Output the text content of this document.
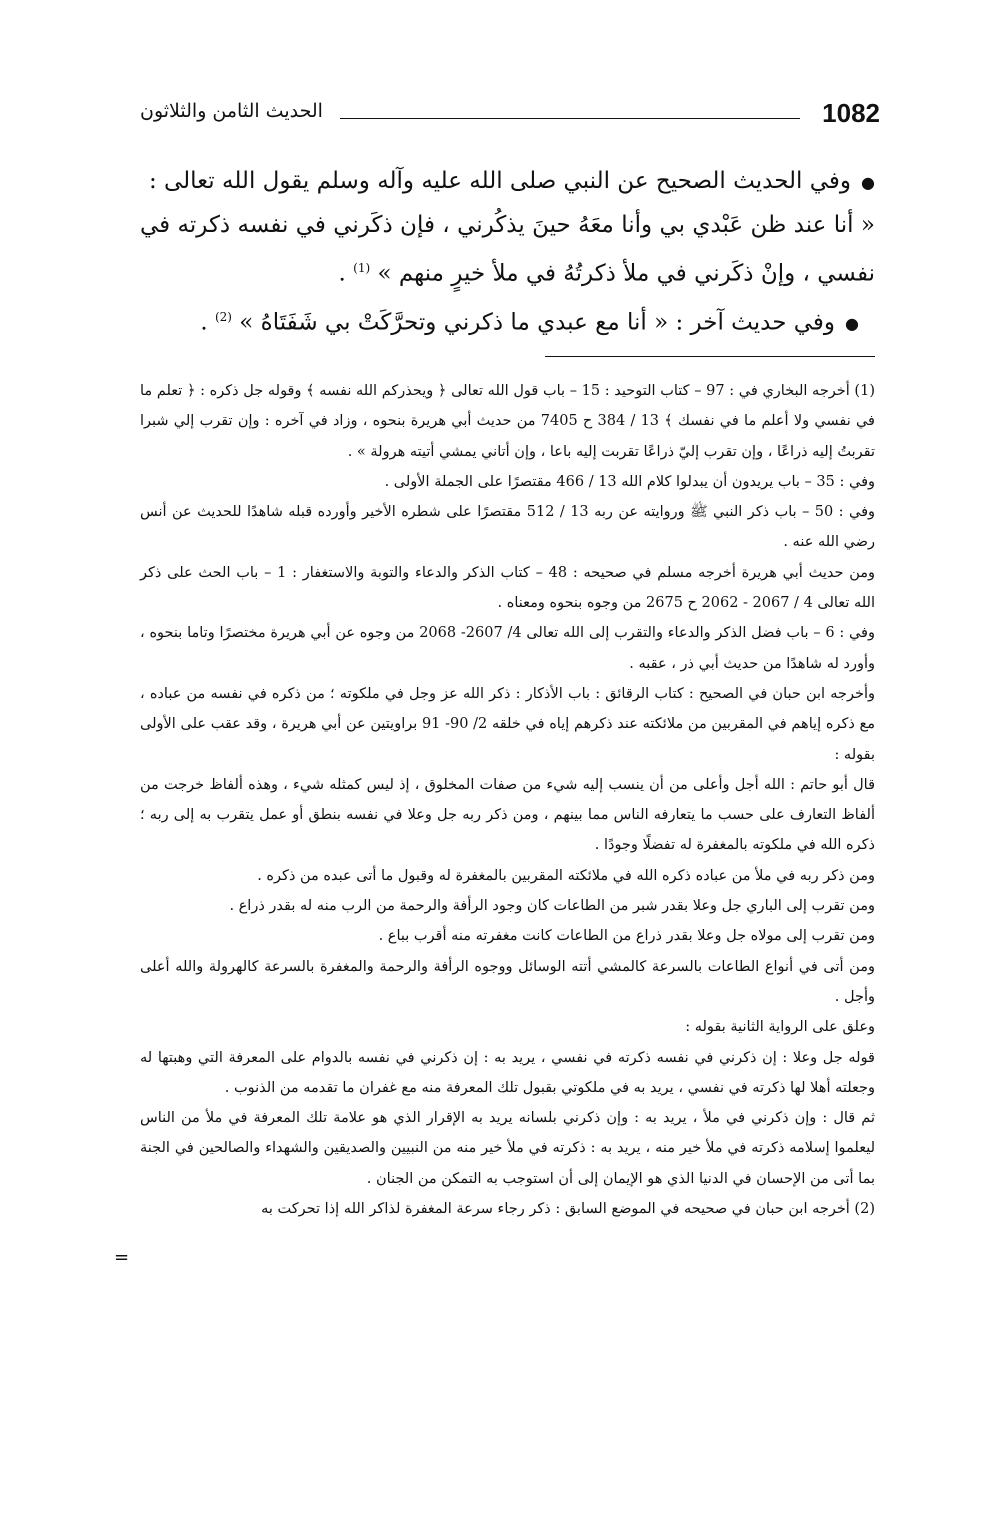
1082
الحديث الثامن والثلاثون

●وفي الحديث الصحيح عن النبي صلى الله عليه وآله وسلم يقول الله تعالى :

« أنا عند ظن عَبْدي بي وأنا معَهُ حينَ يذكُرني ، فإن ذكَرني في نفسه ذكرته في نفسي ، وإنْ ذكَرني في ملأ ذكرتُهُ في ملأ خيرٍ منهم » $^{(1)}$ .

●وفي حديث آخر : « أنا مع عبدي ما ذكرني وتحرَّكَتْ بي شَفَتَاهُ » $^{(2)}$ .

(1) أخرجه البخاري في : 97 – كتاب التوحيد : 15 – باب قول الله تعالى ﴿ ويحذركم الله نفسه ﴾ وقوله جل ذكره : ﴿ تعلم ما في نفسي ولا أعلم ما في نفسك ﴾ 13 / 384 ح 7405 من حديث أبي هريرة بنحوه ، وزاد في آخره : وإن تقرب إلي شبرا تقربتُ إليه ذراعًا ، وإن تقرب إليّ ذراعًا تقربت إليه باعا ، وإن أتاني يمشي أتيته هرولة » .

وفي : 35 – باب يريدون أن يبدلوا كلام الله 13 / 466 مقتصرًا على الجملة الأولى .

وفي : 50 – باب ذكر النبي ﷺ وروايته عن ربه 13 / 512 مقتصرًا على شطره الأخير وأورده قبله شاهدًا للحديث عن أنس رضي الله عنه .

ومن حديث أبي هريرة أخرجه مسلم في صحيحه : 48 – كتاب الذكر والدعاء والتوبة والاستغفار : 1 – باب الحث على ذكر الله تعالى 4 / 2067 - 2062 ح 2675 من وجوه بنحوه ومعناه .

وفي : 6 – باب فضل الذكر والدعاء والتقرب إلى الله تعالى 4/ 2607- 2068 من وجوه عن أبي هريرة مختصرًا وتاما بنحوه ، وأورد له شاهدًا من حديث أبي ذر ، عقبه .

وأخرجه ابن حبان في الصحيح : كتاب الرقائق : باب الأذكار : ذكر الله عز وجل في ملكوته ؛ من ذكره في نفسه من عباده ، مع ذكره إياهم في المقربين من ملائكته عند ذكرهم إياه في خلقه 2/ 90- 91 براويتين عن أبي هريرة ، وقد عقب على الأولى بقوله :

قال أبو حاتم : الله أجل وأعلى من أن ينسب إليه شيء من صفات المخلوق ، إذ ليس كمثله شيء ، وهذه ألفاظ خرجت من ألفاظ التعارف على حسب ما يتعارفه الناس مما بينهم ، ومن ذكر ربه جل وعلا في نفسه بنطق أو عمل يتقرب به إلى ربه ؛ ذكره الله في ملكوته بالمغفرة له تفضلًا وجودًا .

ومن ذكر ربه في ملأ من عباده ذكره الله في ملائكته المقربين بالمغفرة له وقبول ما أتى عبده من ذكره .

ومن تقرب إلى الباري جل وعلا بقدر شبر من الطاعات كان وجود الرأفة والرحمة من الرب منه له بقدر ذراع .

ومن تقرب إلى مولاه جل وعلا بقدر ذراع من الطاعات كانت مغفرته منه أقرب بباع .

ومن أتى في أنواع الطاعات بالسرعة كالمشي أتته الوسائل ووجوه الرأفة والرحمة والمغفرة بالسرعة كالهرولة والله أعلى وأجل .

وعلق على الرواية الثانية بقوله :

قوله جل وعلا : إن ذكرني في نفسه ذكرته في نفسي ، يريد به : إن ذكرني في نفسه بالدوام على المعرفة التي وهبتها له وجعلته أهلا لها ذكرته في نفسي ، يريد به في ملكوتي بقبول تلك المعرفة منه مع غفران ما تقدمه من الذنوب .

ثم قال : وإن ذكرني في ملأ ، يريد به : وإن ذكرني بلسانه يريد به الإقرار الذي هو علامة تلك المعرفة في ملأ من الناس ليعلموا إسلامه ذكرته في ملأ خير منه ، يريد به : ذكرته في ملأ خير منه من النبيين والصديقين والشهداء والصالحين في الجنة بما أتى من الإحسان في الدنيا الذي هو الإيمان إلى أن استوجب به التمكن من الجنان .

(2) أخرجه ابن حبان في صحيحه في الموضع السابق : ذكر رجاء سرعة المغفرة لذاكر الله إذا تحركت به

=
